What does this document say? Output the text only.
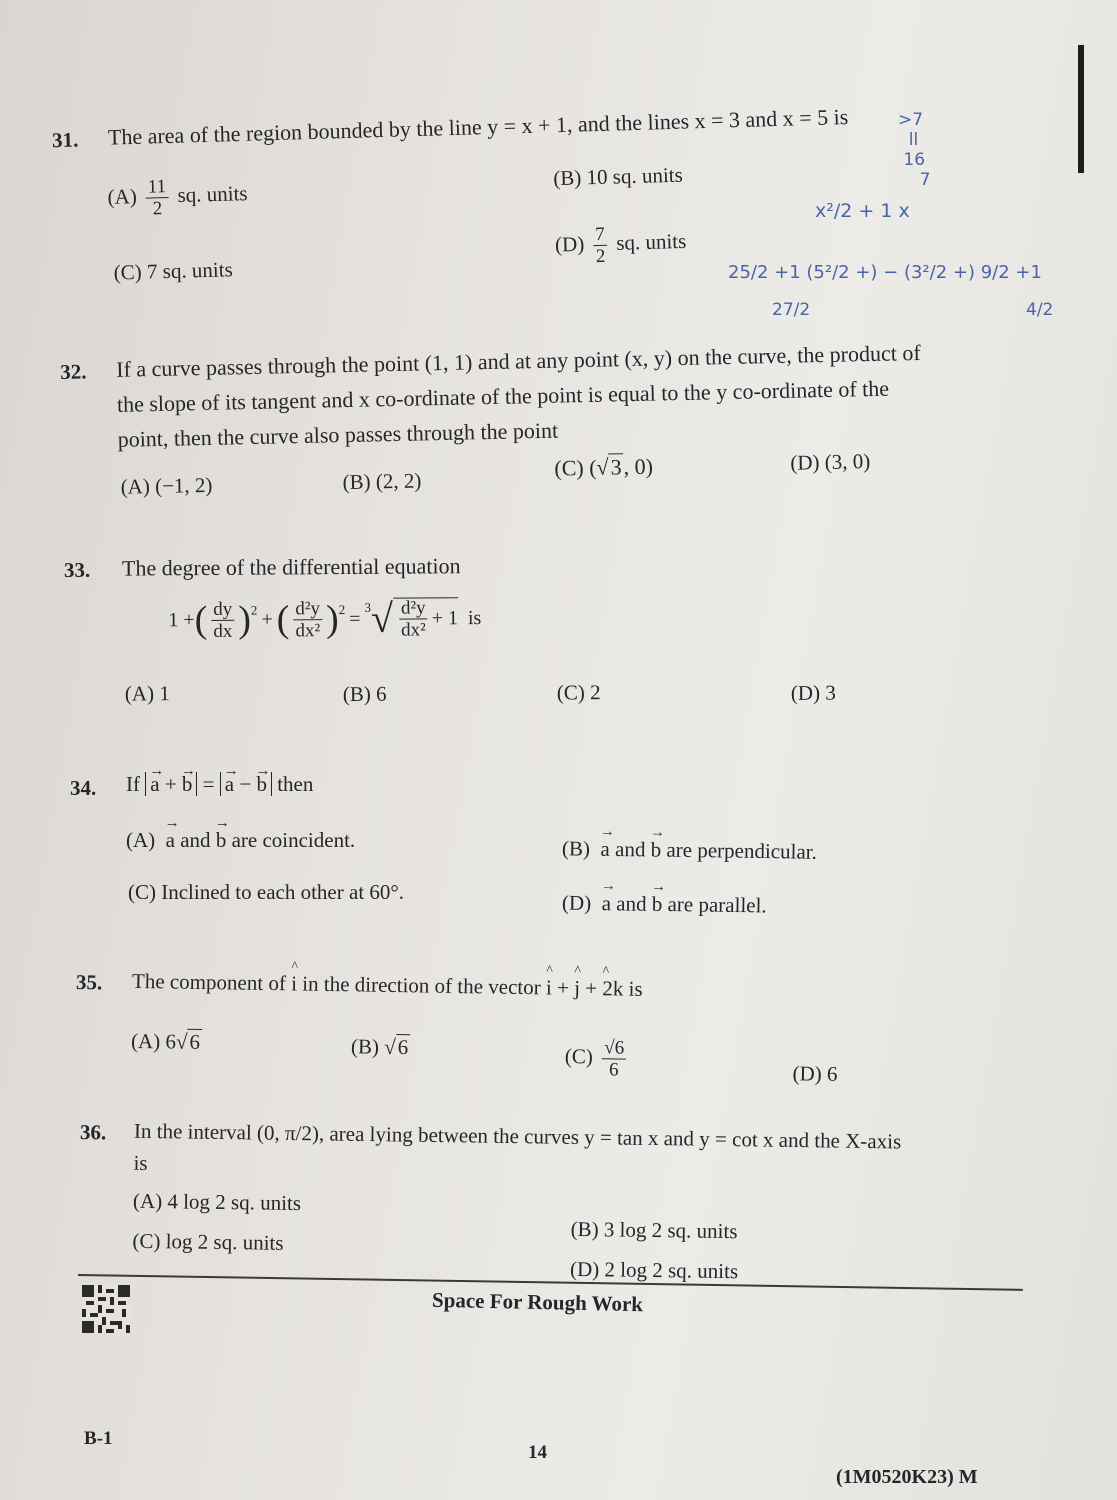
31. The area of the region bounded by the line y = x + 1, and the lines x = 3 and x = 5 is
$(A) \frac{11}{2}$ sq. units
(B) 10 sq. units
(C) 7 sq. units
$(D) \frac{7}{2}$ sq. units
>7
ll
16
7
x²/2 + 1 x
25/2 +1 (5²/2 +) − (3²/2 +) 9/2 +1
27/2	4/2
32. If a curve passes through the point (1, 1) and at any point (x, y) on the curve, the product of
the slope of its tangent and x co-ordinate of the point is equal to the y co-ordinate of the
point, then the curve also passes through the point
(A) (−1, 2)	(B) (2, 2)
(C) (√3, 0)	(D) (3, 0)
33. The degree of the differential equation
1 + ( $\frac{dy}{dx} )^2$ + ( $\frac{\text{d²y}}{\text{dx²}} )^2$ =
$^3$ √ $\frac{\text{d²y}}{\text{dx²}} + 1$ is
(A) 1	(B) 6	(C) 2	(D) 3
34. If → a + → b = → a − → b then
(A) → a and → b are coincident.	(B) → a and → b are perpendicular.
(C) Inclined to each other at 60°.	(D) → a and → b are parallel.
35. The component of ^ i in the direction of the vector ^ i + ^ j + ^ 2k is
(A) 6√6	(B) √6	$(C) \frac{√6}{6}$	(D) 6
36. In the interval (0, π/2), area lying between the curves y = tan x and y = cot x and the X-axis
is
(A) 4 log 2 sq. units
(B) 3 log 2 sq. units
(C) log 2 sq. units
(D) 2 log 2 sq. units
Space For Rough Work
B-1
14
(1M0520K23) M
